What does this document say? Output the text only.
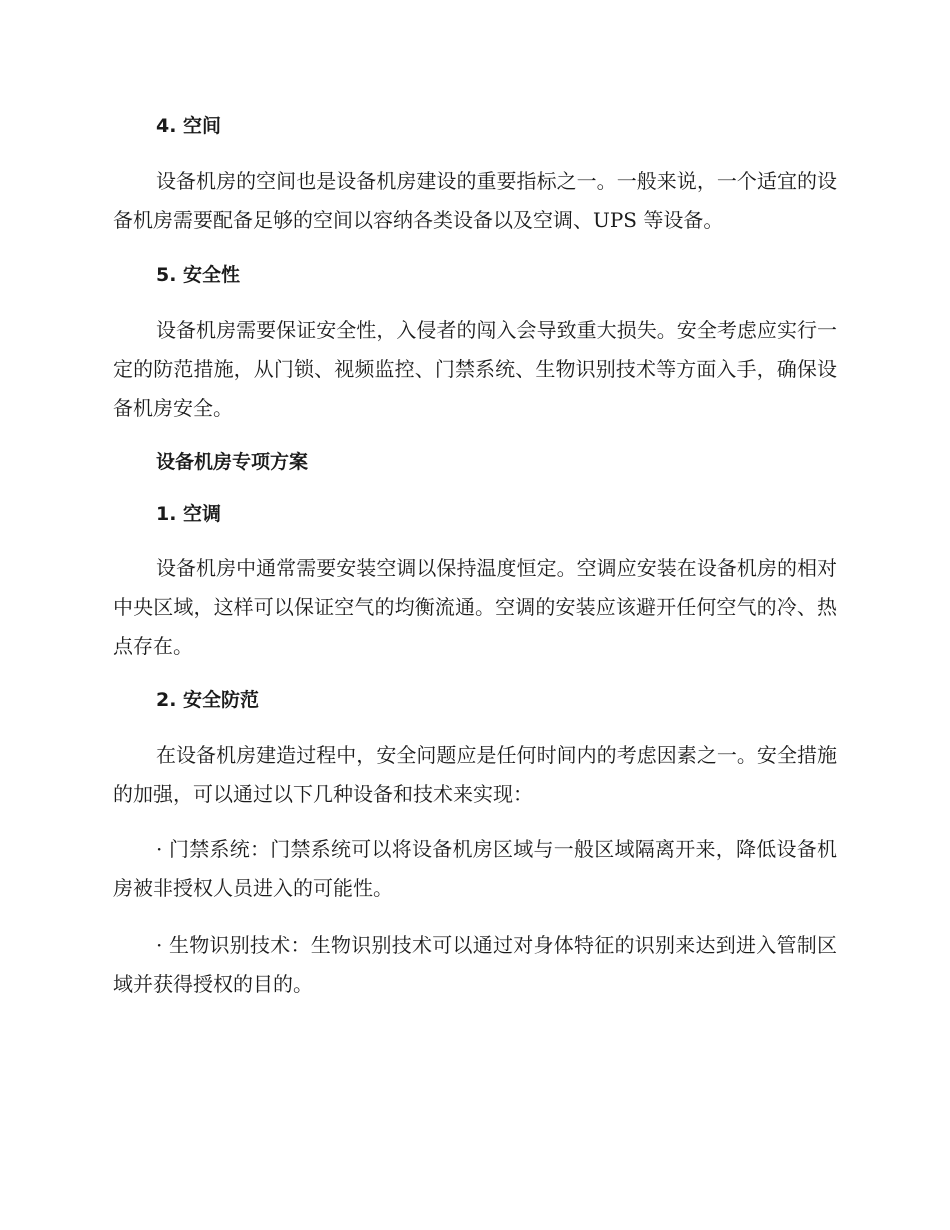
4. 空间

设备机房的空间也是设备机房建设的重要指标之一。一般来说，一个适宜的设备机房需要配备足够的空间以容纳各类设备以及空调、UPS 等设备。

5. 安全性

设备机房需要保证安全性，入侵者的闯入会导致重大损失。安全考虑应实行一定的防范措施，从门锁、视频监控、门禁系统、生物识别技术等方面入手，确保设备机房安全。

设备机房专项方案
1. 空调

设备机房中通常需要安装空调以保持温度恒定。空调应安装在设备机房的相对中央区域，这样可以保证空气的均衡流通。空调的安装应该避开任何空气的冷、热点存在。

2. 安全防范

在设备机房建造过程中，安全问题应是任何时间内的考虑因素之一。安全措施的加强，可以通过以下几种设备和技术来实现：

· 门禁系统：门禁系统可以将设备机房区域与一般区域隔离开来，降低设备机房被非授权人员进入的可能性。

· 生物识别技术：生物识别技术可以通过对身体特征的识别来达到进入管制区域并获得授权的目的。
